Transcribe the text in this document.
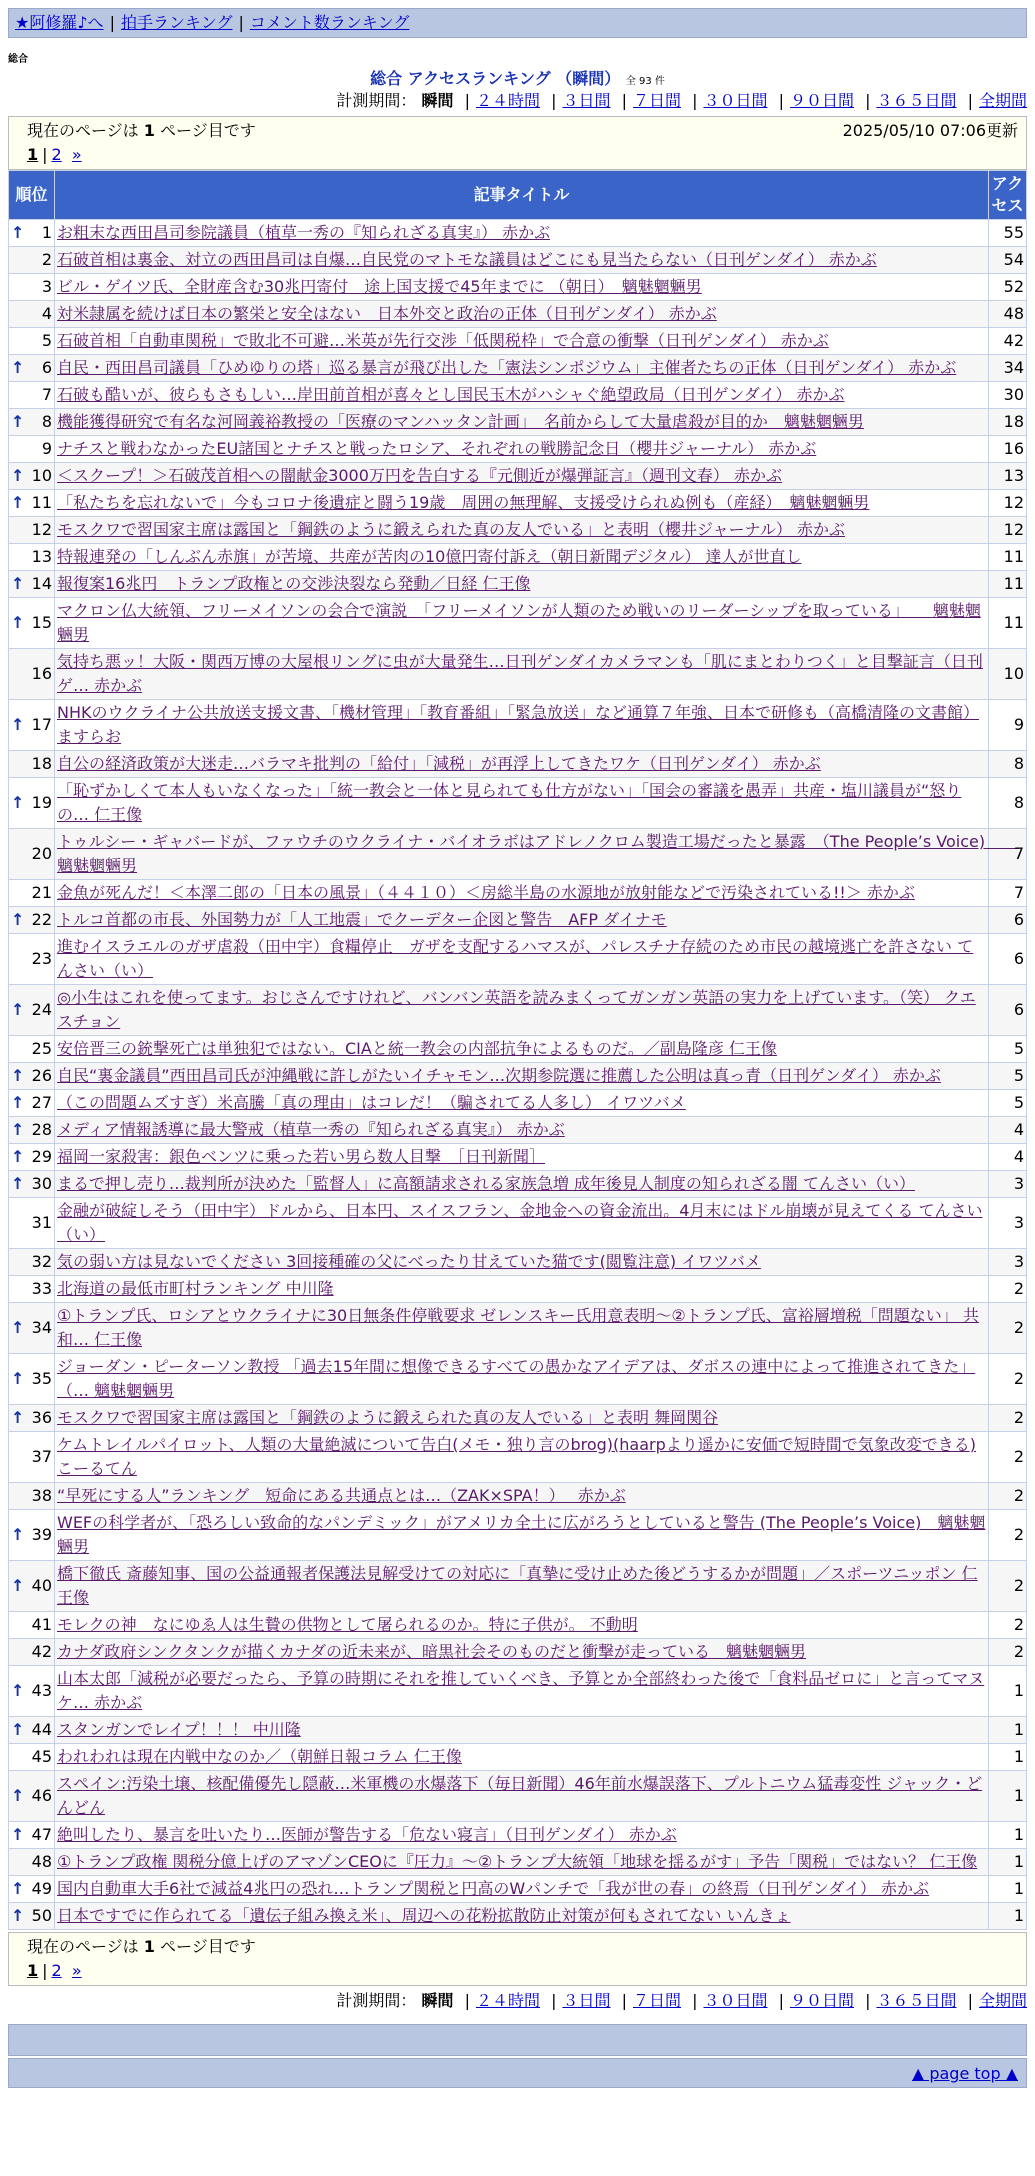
★阿修羅♪へ | 拍手ランキング | コメント数ランキング
総合
総合 アクセスランキング （瞬間） 全 93 件
計測期間： 瞬間 | ２４時間 | ３日間 | ７日間 | ３０日間 | ９０日間 | ３６５日間 | 全期間
現在のページは 1 ページ目です	2025/05/10 07:06更新
1 | 2 »
順位	記事タイトル	アクセス

↑ 1	お粗末な西田昌司参院議員（植草一秀の『知られざる真実』） 赤かぶ	55
2	石破首相は裏金、対立の西田昌司は自爆…自民党のマトモな議員はどこにも見当たらない（日刊ゲンダイ） 赤かぶ	54
3	ビル・ゲイツ氏、全財産含む30兆円寄付　途上国支援で45年までに （朝日）　魑魅魍魎男	52
4	対米隷属を続けば日本の繁栄と安全はない　日本外交と政治の正体（日刊ゲンダイ） 赤かぶ	48
5	石破首相「自動車関税」で敗北不可避…米英が先行交渉「低関税枠」で合意の衝撃（日刊ゲンダイ） 赤かぶ	42

↑ 6	自民・西田昌司議員「ひめゆりの塔」巡る暴言が飛び出した「憲法シンポジウム」主催者たちの正体（日刊ゲンダイ） 赤かぶ	34
7	石破も酷いが、彼らもさもしい…岸田前首相が喜々とし国民玉木がハシャぐ絶望政局（日刊ゲンダイ） 赤かぶ	30

↑ 8	機能獲得研究で有名な河岡義裕教授の「医療のマンハッタン計画」　名前からして大量虐殺が目的か　魑魅魍魎男	18
9	ナチスと戦わなかったEU諸国とナチスと戦ったロシア、それぞれの戦勝記念日（櫻井ジャーナル） 赤かぶ	16

↑ 10	＜スクープ！＞石破茂首相への闇献金3000万円を告白する『元側近が爆弾証言』（週刊文春） 赤かぶ	13

↑ 11	「私たちを忘れないで」今もコロナ後遺症と闘う19歳　周囲の無理解、支援受けられぬ例も（産経）　魑魅魍魎男	12
12	モスクワで習国家主席は露国と「鋼鉄のように鍛えられた真の友人でいる」と表明（櫻井ジャーナル） 赤かぶ	12
13	特報連発の「しんぶん赤旗」が苦境、共産が苦肉の10億円寄付訴え（朝日新聞デジタル） 達人が世直し	11

↑ 14	報復案16兆円　トランプ政権との交渉決裂なら発動／日経 仁王像	11

↑ 15	マクロン仏大統領、フリーメイソンの会合で演説　「フリーメイソンが人類のため戦いのリーダーシップを取っている」　　魑魅魍魎男	11
16	気持ち悪ッ！大阪・関西万博の大屋根リングに虫が大量発生…日刊ゲンダイカメラマンも「肌にまとわりつく」と目撃証言（日刊ゲ… 赤かぶ	10

↑ 17	NHKのウクライナ公共放送支援文書、「機材管理」「教育番組」「緊急放送」など通算７年強、日本で研修も（高橋清隆の文書館） ますらお	9
18	自公の経済政策が大迷走…バラマキ批判の「給付」「減税」が再浮上してきたワケ（日刊ゲンダイ） 赤かぶ	8

↑ 19	「恥ずかしくて本人もいなくなった」「統一教会と一体と見られても仕方がない」「国会の審議を愚弄」共産・塩川議員が“怒りの… 仁王像	8
20	トゥルシー・ギャバードが、ファウチのウクライナ・バイオラボはアドレノクロム製造工場だったと暴露　（The People’s Voice)　　魑魅魍魎男	7
21	金魚が死んだ！＜本澤二郎の「日本の風景」（４４１０）＜房総半島の水源地が放射能などで汚染されている!!＞ 赤かぶ	7

↑ 22	トルコ首都の市長、外国勢力が「人工地震」でクーデター企図と警告　AFP ダイナモ	6
23	進むイスラエルのガザ虐殺（田中宇）食糧停止　ガザを支配するハマスが、パレスチナ存続のため市民の越境逃亡を許さない てんさい（い）	6

↑ 24	◎小生はこれを使ってます。おじさんですけれど、バンバン英語を読みまくってガンガン英語の実力を上げています。（笑） クエスチョン	6
25	安倍晋三の銃撃死亡は単独犯ではない。CIAと統一教会の内部抗争によるものだ。／副島隆彦 仁王像	5

↑ 26	自民“裏金議員”西田昌司氏が沖縄戦に許しがたいイチャモン…次期参院選に推薦した公明は真っ青（日刊ゲンダイ） 赤かぶ	5

↑ 27	（この問題ムズすぎ）米高騰「真の理由」はコレだ！（騙されてる人多し） イワツバメ	5

↑ 28	メディア情報誘導に最大警戒（植草一秀の『知られざる真実』） 赤かぶ	4

↑ 29	福岡一家殺害：銀色ベンツに乗った若い男ら数人目撃　［日刊新聞］	4

↑ 30	まるで押し売り…裁判所が決めた「監督人」に高額請求される家族急増 成年後見人制度の知られざる闇 てんさい（い）	3
31	金融が破綻しそう（田中宇）ドルから、日本円、スイスフラン、金地金への資金流出。4月末にはドル崩壊が見えてくる てんさい（い）	3
32	気の弱い方は見ないでください 3回接種確の父にべったり甘えていた猫です(閲覧注意) イワツバメ	3
33	北海道の最低市町村ランキング 中川隆	2

↑ 34	①トランプ氏、ロシアとウクライナに30日無条件停戦要求 ゼレンスキー氏用意表明〜②トランプ氏、富裕層増税「問題ない」 共和… 仁王像	2

↑ 35	ジョーダン・ピーターソン教授 「過去15年間に想像できるすべての愚かなアイデアは、ダボスの連中によって推進されてきた」（… 魑魅魍魎男	2

↑ 36	モスクワで習国家主席は露国と「鋼鉄のように鍛えられた真の友人でいる」と表明 舞岡関谷	2
37	ケムトレイルパイロット、人類の大量絶滅について告白(メモ・独り言のbrog)(haarpより遥かに安価で短時間で気象改変できる) こーるてん	2
38	“早死にする人”ランキング　短命にある共通点とは…（ZAK×SPA！）　 赤かぶ	2

↑ 39	WEFの科学者が、「恐ろしい致命的なパンデミック」がアメリカ全土に広がろうとしていると警告 (The People’s Voice)　魑魅魍魎男	2

↑ 40	橋下徹氏 斎藤知事、国の公益通報者保護法見解受けての対応に「真摯に受け止めた後どうするかが問題」／スポーツニッポン 仁王像	2
41	モレクの神　なにゆゑ人は生贄の供物として屠られるのか。特に子供が。 不動明	2
42	カナダ政府シンクタンクが描くカナダの近未来が、暗黒社会そのものだと衝撃が走っている　魑魅魍魎男	2

↑ 43	山本太郎「減税が必要だったら、予算の時期にそれを推していくべき、予算とか全部終わった後で「食料品ゼロに」と言ってマヌケ… 赤かぶ	1

↑ 44	スタンガンでレイプ！！！ 中川隆	1
45	われわれは現在内戦中なのか／（朝鮮日報コラム 仁王像	1

↑ 46	スペイン:汚染土壌、核配備優先し隠蔽…米軍機の水爆落下（毎日新聞）46年前水爆誤落下、プルトニウム猛毒変性 ジャック・どんどん	1

↑ 47	絶叫したり、暴言を吐いたり…医師が警告する「危ない寝言」（日刊ゲンダイ） 赤かぶ	1
48	①トランプ政権 関税分億上げのアマゾンCEOに『圧力』〜②トランプ大統領「地球を揺るがす」予告「関税」ではない？ 仁王像	1

↑ 49	国内自動車大手6社で減益4兆円の恐れ…トランプ関税と円高のWパンチで「我が世の春」の終焉（日刊ゲンダイ） 赤かぶ	1

↑ 50	日本ですでに作られてる「遺伝子組み換え米」、周辺への花粉拡散防止対策が何もされてない いんきょ	1
現在のページは 1 ページ目です
1 | 2 »
計測期間： 瞬間 | ２４時間 | ３日間 | ７日間 | ３０日間 | ９０日間 | ３６５日間 | 全期間
▲ page top ▲
